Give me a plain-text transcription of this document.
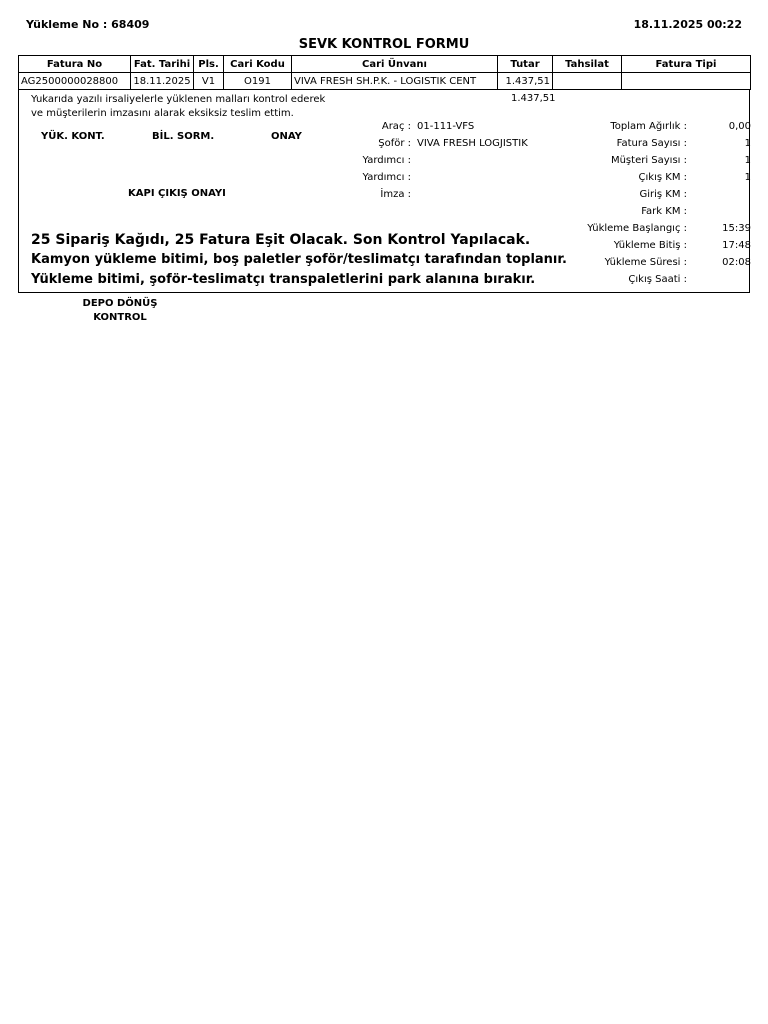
Yükleme No : 68409	18.11.2025 00:22
SEVK KONTROL FORMU
Fatura No	Fat. Tarihi	Pls.	Cari Kodu	Cari Ünvanı	Tutar	Tahsilat	Fatura Tipi
AG2500000028800	18.11.2025	V1	O191	VIVA FRESH SH.P.K. - LOGISTIK CENT	1.437,51		
Yukarıda yazılı irsaliyelerle yüklenen malları kontrol ederek
ve müşterilerin imzasını alarak eksiksiz teslim ettim.
1.437,51
YÜK. KONT.	BİL. SORM.	ONAY
KAPI ÇIKIŞ ONAYI
Araç : 01-111-VFS
Şoför : VIVA FRESH LOGJISTIK
Yardımcı :
Yardımcı :
İmza :
Toplam Ağırlık :	0,00
Fatura Sayısı :	1
Müşteri Sayısı :	1
Çıkış KM :	1
Giriş KM :
Fark KM :
Yükleme Başlangıç :	15:39
Yükleme Bitiş :	17:48
Yükleme Süresi :	02:08
Çıkış Saati :
25 Sipariş Kağıdı, 25 Fatura Eşit Olacak. Son Kontrol Yapılacak.
Kamyon yükleme bitimi, boş paletler şoför/teslimatçı tarafından toplanır.
Yükleme bitimi, şoför-teslimatçı transpaletlerini park alanına bırakır.
DEPO DÖNÜŞ
KONTROL
